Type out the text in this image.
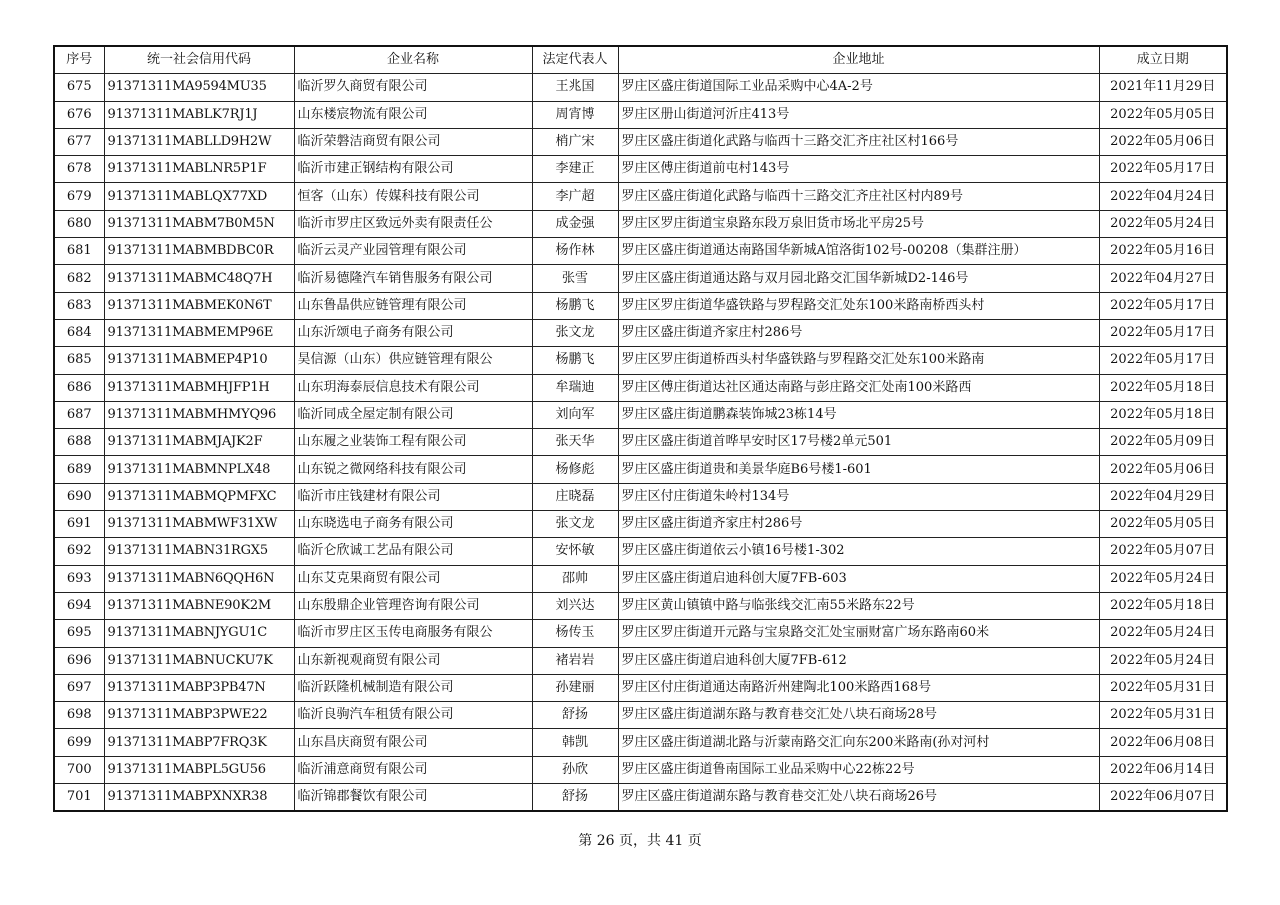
序号	统一社会信用代码	企业名称	法定代表人	企业地址	成立日期
675	91371311MA9594MU35	临沂罗久商贸有限公司	王兆国	罗庄区盛庄街道国际工业品采购中心4A-2号	2021年11月29日
676	91371311MABLK7RJ1J	山东楼宸物流有限公司	周宵博	罗庄区册山街道河沂庄413号	2022年05月05日
677	91371311MABLLD9H2W	临沂荣磐洁商贸有限公司	梢广宋	罗庄区盛庄街道化武路与临西十三路交汇齐庄社区村166号	2022年05月06日
678	91371311MABLNR5P1F	临沂市建正钢结构有限公司	李建正	罗庄区傅庄街道前屯村143号	2022年05月17日
679	91371311MABLQX77XD	恒客（山东）传媒科技有限公司	李广超	罗庄区盛庄街道化武路与临西十三路交汇齐庄社区村内89号	2022年04月24日
680	91371311MABM7B0M5N	临沂市罗庄区致远外卖有限责任公	成金强	罗庄区罗庄街道宝泉路东段万泉旧货市场北平房25号	2022年05月24日
681	91371311MABMBDBC0R	临沂云灵产业园管理有限公司	杨作林	罗庄区盛庄街道通达南路国华新城A馆洛街102号-00208（集群注册）	2022年05月16日
682	91371311MABMC48Q7H	临沂易德隆汽车销售服务有限公司	张雪	罗庄区盛庄街道通达路与双月园北路交汇国华新城D2-146号	2022年04月27日
683	91371311MABMEK0N6T	山东鲁晶供应链管理有限公司	杨鹏飞	罗庄区罗庄街道华盛铁路与罗程路交汇处东100米路南桥西头村	2022年05月17日
684	91371311MABMEMP96E	山东沂颂电子商务有限公司	张文龙	罗庄区盛庄街道齐家庄村286号	2022年05月17日
685	91371311MABMEP4P10	昊信源（山东）供应链管理有限公	杨鹏飞	罗庄区罗庄街道桥西头村华盛铁路与罗程路交汇处东100米路南	2022年05月17日
686	91371311MABMHJFP1H	山东玥海泰辰信息技术有限公司	牟瑞迪	罗庄区傅庄街道达社区通达南路与彭庄路交汇处南100米路西	2022年05月18日
687	91371311MABMHMYQ96	临沂同成全屋定制有限公司	刘向军	罗庄区盛庄街道鹏森装饰城23栋14号	2022年05月18日
688	91371311MABMJAJK2F	山东履之业装饰工程有限公司	张天华	罗庄区盛庄街道首哗早安时区17号楼2单元501	2022年05月09日
689	91371311MABMNPLX48	山东锐之微网络科技有限公司	杨修彪	罗庄区盛庄街道贵和美景华庭B6号楼1-601	2022年05月06日
690	91371311MABMQPMFXC	临沂市庄钱建材有限公司	庄晓磊	罗庄区付庄街道朱岭村134号	2022年04月29日
691	91371311MABMWF31XW	山东晓选电子商务有限公司	张文龙	罗庄区盛庄街道齐家庄村286号	2022年05月05日
692	91371311MABN31RGX5	临沂仑欣诚工艺品有限公司	安怀敏	罗庄区盛庄街道依云小镇16号楼1-302	2022年05月07日
693	91371311MABN6QQH6N	山东艾克果商贸有限公司	邵帅	罗庄区盛庄街道启迪科创大厦7FB-603	2022年05月24日
694	91371311MABNE90K2M	山东殷鼎企业管理咨询有限公司	刘兴达	罗庄区黄山镇镇中路与临张线交汇南55米路东22号	2022年05月18日
695	91371311MABNJYGU1C	临沂市罗庄区玉传电商服务有限公	杨传玉	罗庄区罗庄街道开元路与宝泉路交汇处宝丽财富广场东路南60米	2022年05月24日
696	91371311MABNUCKU7K	山东新视观商贸有限公司	褚岩岩	罗庄区盛庄街道启迪科创大厦7FB-612	2022年05月24日
697	91371311MABP3PB47N	临沂跃隆机械制造有限公司	孙建丽	罗庄区付庄街道通达南路沂州建陶北100米路西168号	2022年05月31日
698	91371311MABP3PWE22	临沂良驹汽车租赁有限公司	舒扬	罗庄区盛庄街道湖东路与教育巷交汇处八块石商场28号	2022年05月31日
699	91371311MABP7FRQ3K	山东昌庆商贸有限公司	韩凯	罗庄区盛庄街道湖北路与沂蒙南路交汇向东200米路南(孙对河村	2022年06月08日
700	91371311MABPL5GU56	临沂浦意商贸有限公司	孙欣	罗庄区盛庄街道鲁南国际工业品采购中心22栋22号	2022年06月14日
701	91371311MABPXNXR38	临沂锦郡餐饮有限公司	舒扬	罗庄区盛庄街道湖东路与教育巷交汇处八块石商场26号	2022年06月07日
第 26 页，共 41 页
